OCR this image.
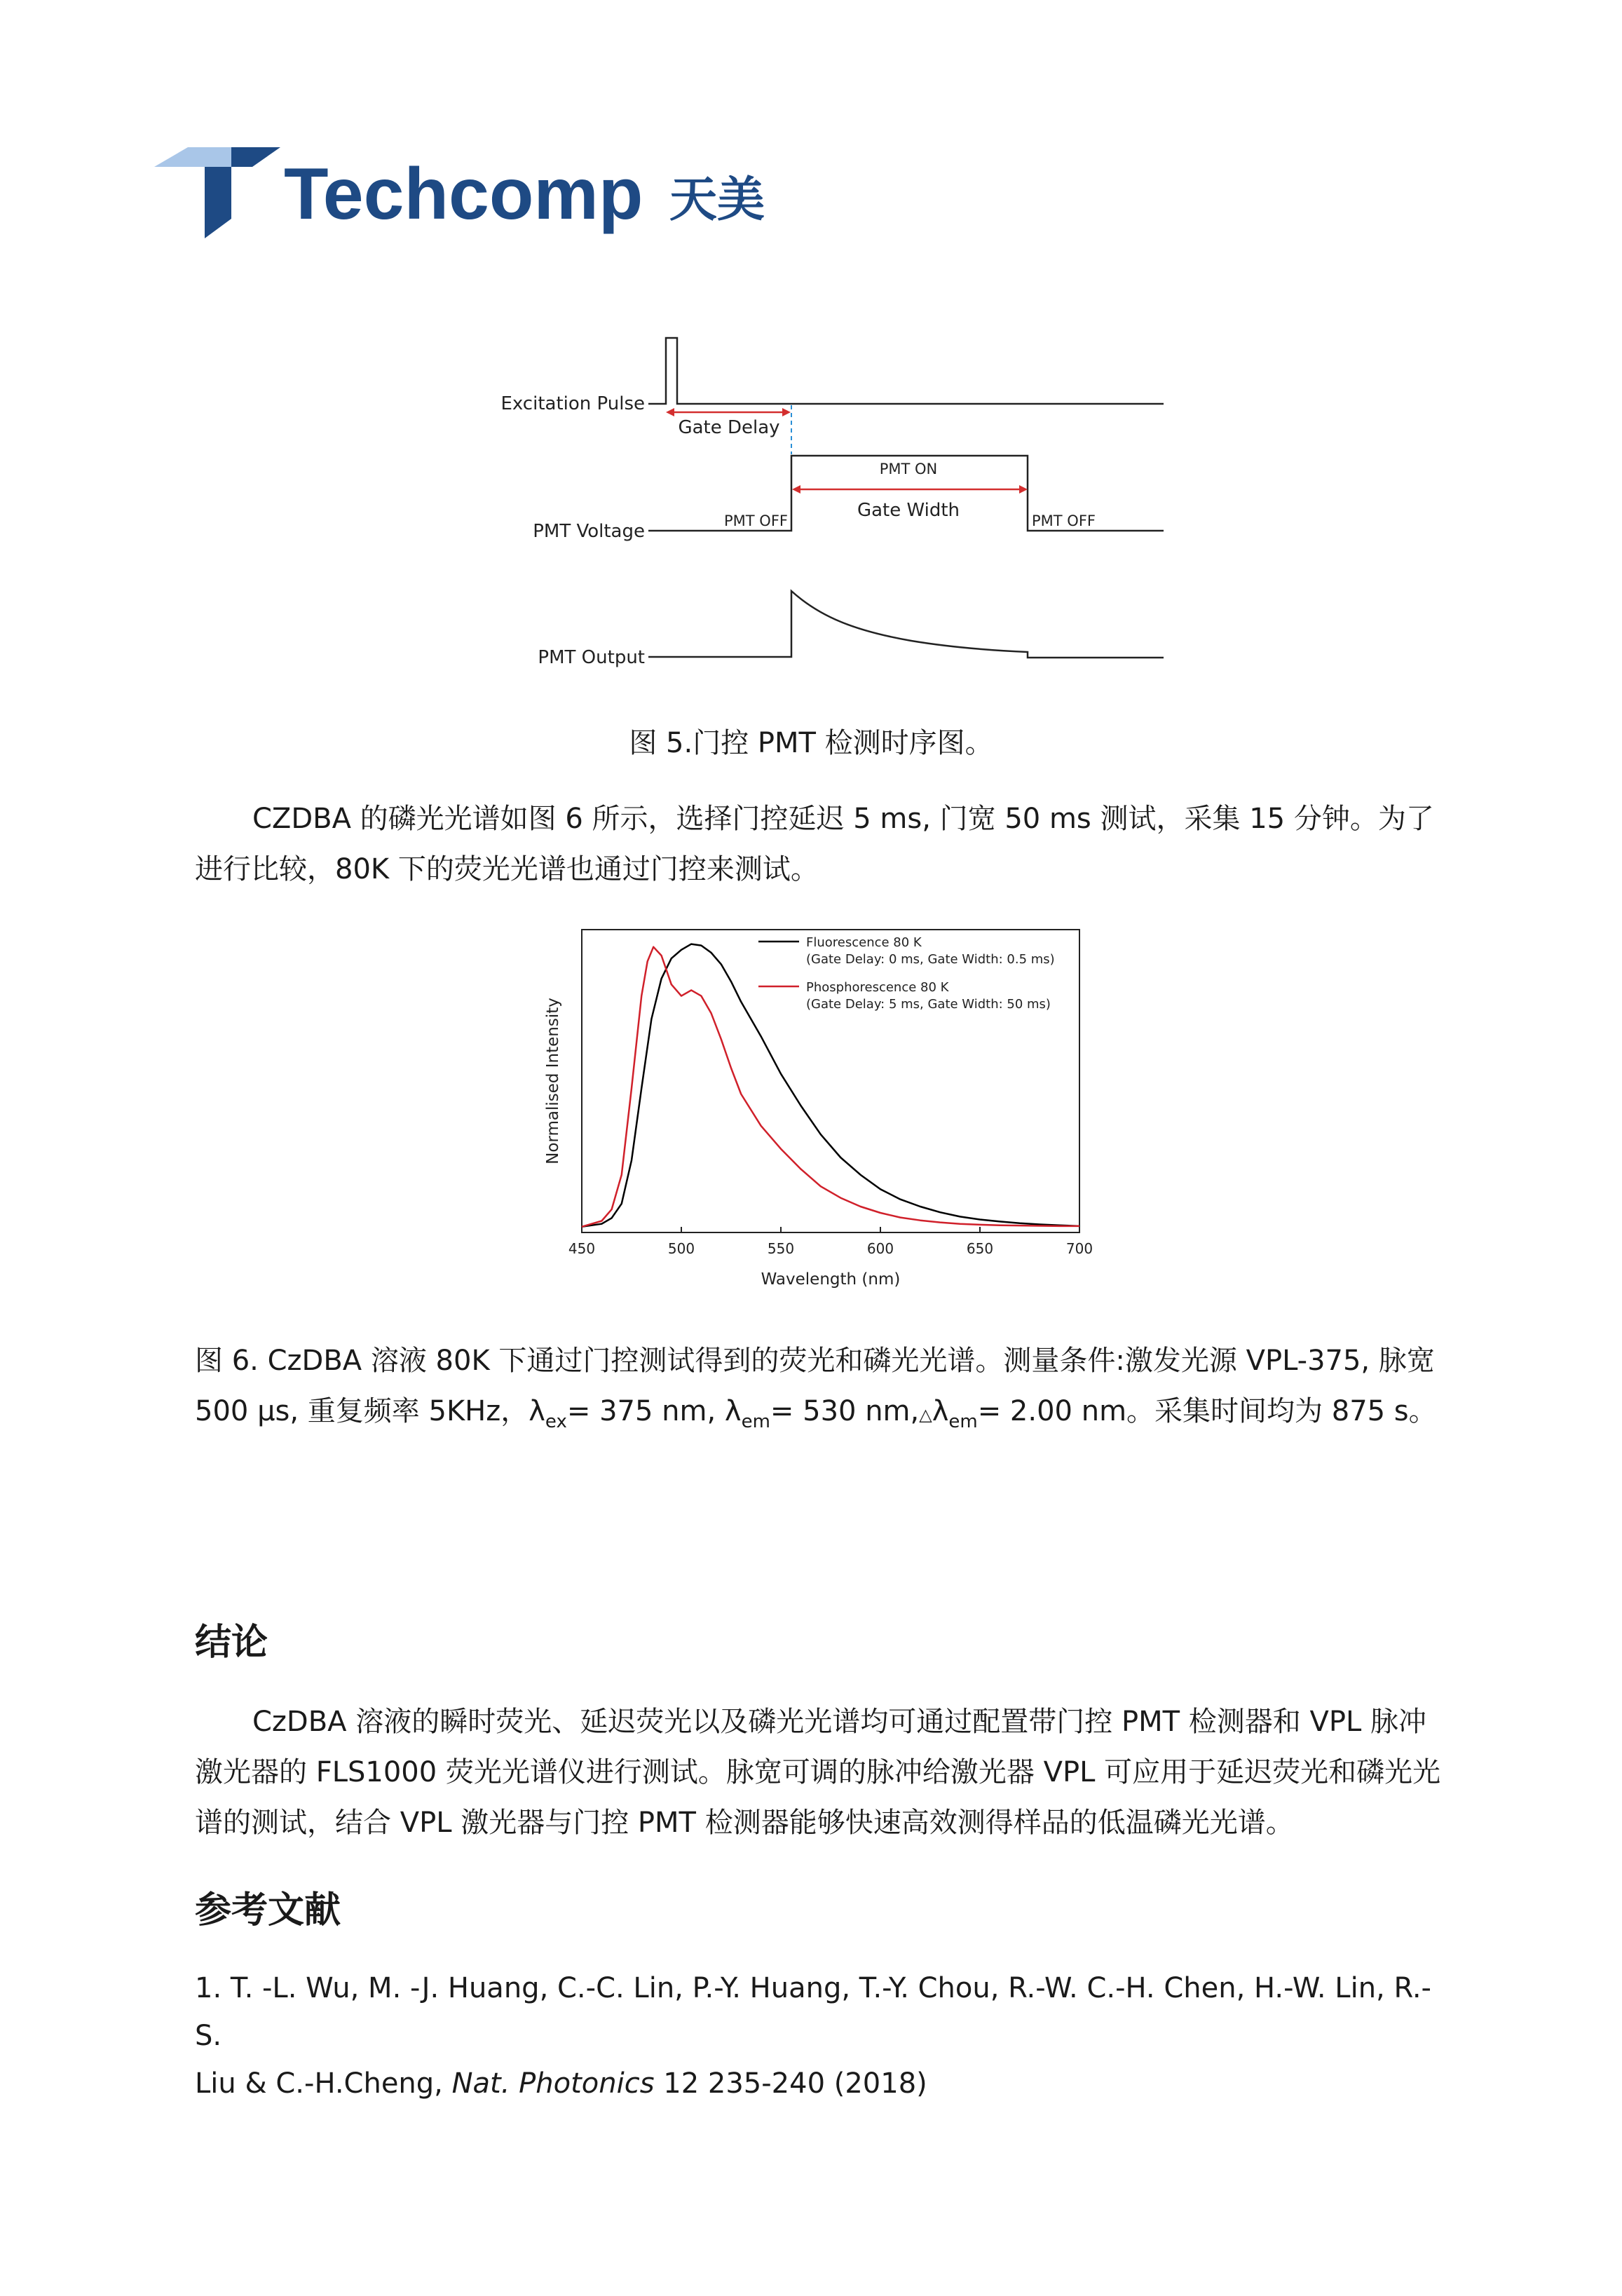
Techcomp 天美
Excitation Pulse
Gate Delay
PMT Voltage	PMT OFF
PMT ON
Gate Width	PMT OFF
PMT Output
图 5.门控 PMT 检测时序图。
CZDBA 的磷光光谱如图 6 所示，选择门控延迟 5 ms, 门宽 50 ms 测试，采集 15 分钟。为了进行比较，80K 下的荧光光谱也通过门控来测试。
450	500	550	600	650	700
Wavelength (nm)
Normalised Intensity
Fluorescence 80 K
(Gate Delay: 0 ms, Gate Width: 0.5 ms)
Phosphorescence 80 K
(Gate Delay: 5 ms, Gate Width: 50 ms)
图 6. CzDBA 溶液 80K 下通过门控测试得到的荧光和磷光光谱。测量条件:激发光源 VPL-375, 脉宽
500 μs, 重复频率 5KHz，$\lambda_{ex}= 375$ nm, $\lambda_{em}= 530$ $nm,\triangle\lambda_{em}= 2.00$ nm。采集时间均为 875 s。
结论
CzDBA 溶液的瞬时荧光、延迟荧光以及磷光光谱均可通过配置带门控 PMT 检测器和 VPL 脉冲激光器的 FLS1000 荧光光谱仪进行测试。脉宽可调的脉冲给激光器 VPL 可应用于延迟荧光和磷光光谱的测试，结合 VPL 激光器与门控 PMT 检测器能够快速高效测得样品的低温磷光光谱。
参考文献
1. T. -L. Wu, M. -J. Huang, C.-C. Lin, P.-Y. Huang, T.-Y. Chou, R.-W. C.-H. Chen, H.-W. Lin, R.-S.
Liu & C.-H.Cheng, Nat. Photonics 12 235-240 (2018)
